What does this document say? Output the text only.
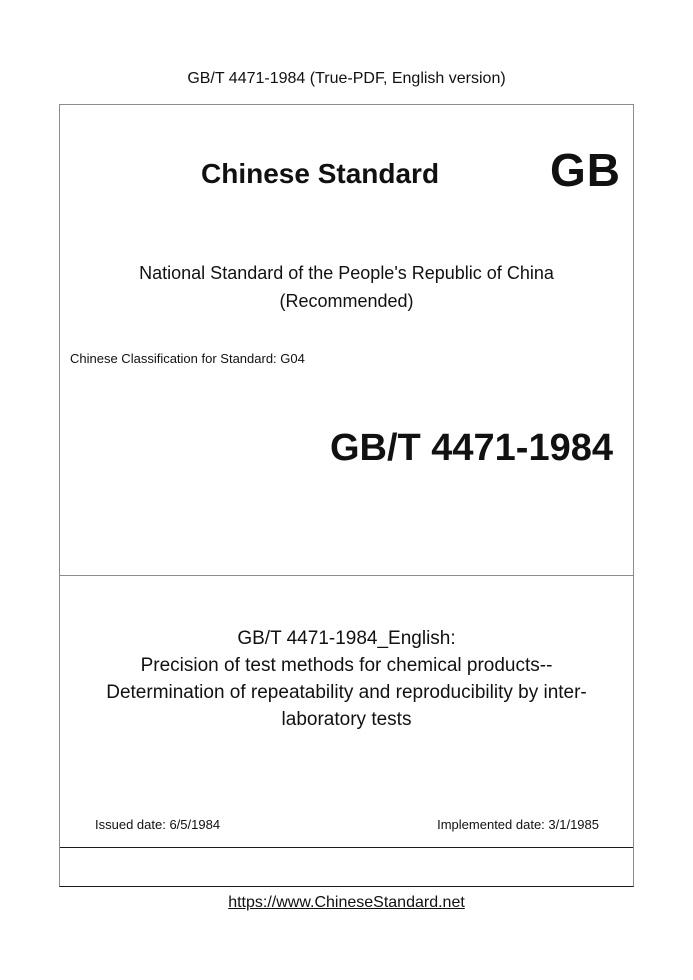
GB/T 4471-1984 (True-PDF, English version)
Chinese Standard GB
National Standard of the People's Republic of China
(Recommended)
Chinese Classification for Standard: G04
GB/T 4471-1984
GB/T 4471-1984_English:
Precision of test methods for chemical products--
Determination of repeatability and reproducibility by inter-
laboratory tests
Issued date: 6/5/1984	Implemented date: 3/1/1985
https://www.ChineseStandard.net
